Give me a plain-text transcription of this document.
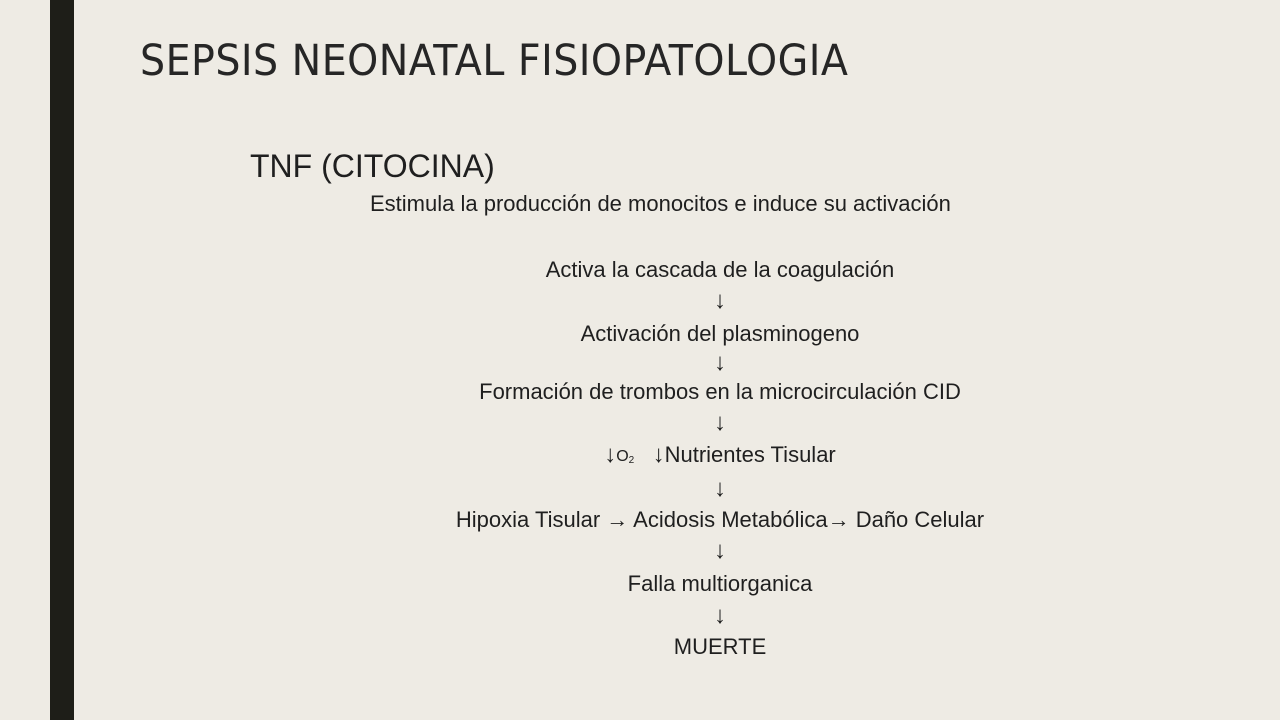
SEPSIS NEONATAL FISIOPATOLOGIA
TNF (CITOCINA)
Estimula la producción de monocitos e induce su activación
Activa la cascada de la coagulación
↓
Activación del plasminogeno
↓
Formación de trombos en la microcirculación CID
↓
↓O2 ↓Nutrientes Tisular
↓
Hipoxia Tisular → Acidosis Metabólica→ Daño Celular
↓
Falla multiorganica
↓
MUERTE
